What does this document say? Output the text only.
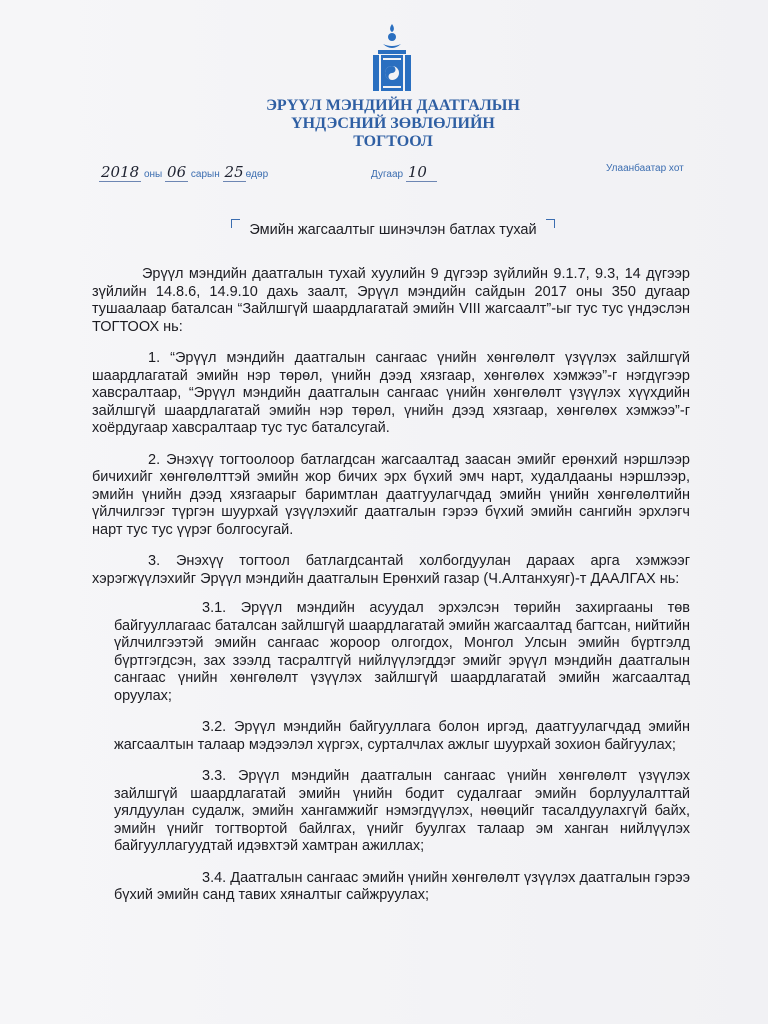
ЭРҮҮЛ МЭНДИЙН ДААТГАЛЫН
ҮНДЭСНИЙ ЗӨВЛӨЛИЙН
ТОГТООЛ
2018 оны 06 сарын 25 өдөр	Дугаар 10	Улаанбаатар хот
Эмийн жагсаалтыг шинэчлэн батлах тухай

Эрүүл мэндийн даатгалын тухай хуулийн 9 дүгээр зүйлийн 9.1.7, 9.3, 14 дүгээр зүйлийн 14.8.6, 14.9.10 дахь заалт, Эрүүл мэндийн сайдын 2017 оны 350 дугаар тушаалаар баталсан “Зайлшгүй шаардлагатай эмийн VIII жагсаалт”-ыг тус тус үндэслэн ТОГТООХ нь:

1. “Эрүүл мэндийн даатгалын сангаас үнийн хөнгөлөлт үзүүлэх зайлшгүй шаардлагатай эмийн нэр төрөл, үнийн дээд хязгаар, хөнгөлөх хэмжээ”-г нэгдүгээр хавсралтаар, “Эрүүл мэндийн даатгалын сангаас үнийн хөнгөлөлт үзүүлэх хүүхдийн зайлшгүй шаардлагатай эмийн нэр төрөл, үнийн дээд хязгаар, хөнгөлөх хэмжээ”-г хоёрдугаар хавсралтаар тус тус баталсугай.

2. Энэхүү тогтоолоор батлагдсан жагсаалтад заасан эмийг ерөнхий нэршлээр бичихийг хөнгөлөлттэй эмийн жор бичих эрх бүхий эмч нарт, худалдааны нэршлээр, эмийн үнийн дээд хязгаарыг баримтлан даатгуулагчдад эмийн үнийн хөнгөлөлтийн үйлчилгээг түргэн шуурхай үзүүлэхийг даатгалын гэрээ бүхий эмийн сангийн эрхлэгч нарт тус тус үүрэг болгосугай.

3. Энэхүү тогтоол батлагдсантай холбогдуулан дараах арга хэмжээг хэрэгжүүлэхийг Эрүүл мэндийн даатгалын Ерөнхий газар (Ч.Алтанхуяг)-т ДААЛГАХ нь:

3.1. Эрүүл мэндийн асуудал эрхэлсэн төрийн захиргааны төв байгууллагаас баталсан зайлшгүй шаардлагатай эмийн жагсаалтад багтсан, нийтийн үйлчилгээтэй эмийн сангаас жороор олгогдох, Монгол Улсын эмийн бүртгэлд бүртгэгдсэн, зах зээлд тасралтгүй нийлүүлэгддэг эмийг эрүүл мэндийн даатгалын сангаас үнийн хөнгөлөлт үзүүлэх зайлшгүй шаардлагатай эмийн жагсаалтад оруулах;

3.2. Эрүүл мэндийн байгууллага болон иргэд, даатгуулагчдад эмийн жагсаалтын талаар мэдээлэл хүргэх, сурталчлах ажлыг шуурхай зохион байгуулах;

3.3. Эрүүл мэндийн даатгалын сангаас үнийн хөнгөлөлт үзүүлэх зайлшгүй шаардлагатай эмийн үнийн бодит судалгааг эмийн борлуулалттай уялдуулан судалж, эмийн хангамжийг нэмэгдүүлэх, нөөцийг тасалдуулахгүй байх, эмийн үнийг тогтвортой байлгах, үнийг буулгах талаар эм ханган нийлүүлэх байгууллагуудтай идэвхтэй хамтран ажиллах;

3.4. Даатгалын сангаас эмийн үнийн хөнгөлөлт үзүүлэх даатгалын гэрээ бүхий эмийн санд тавих хяналтыг сайжруулах;
